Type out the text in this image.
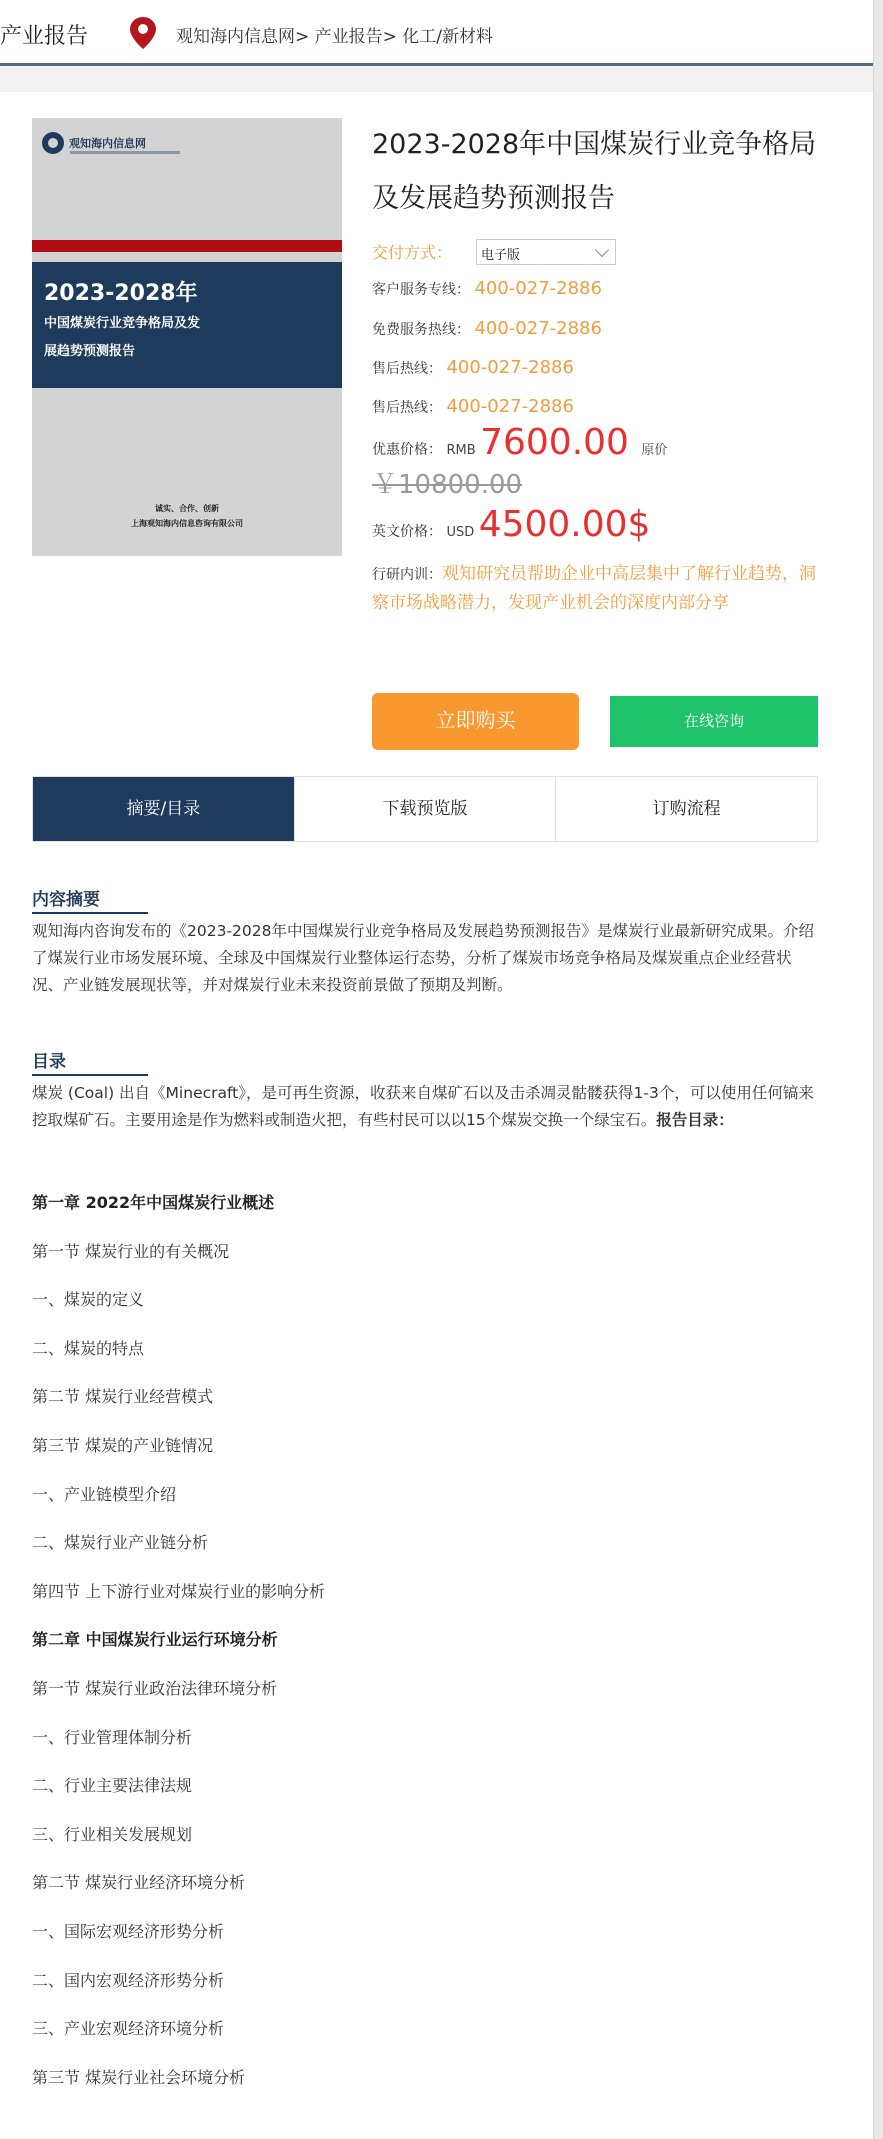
产业报告	观知海内信息网> 产业报告> 化工/新材料
观知海内信息网
2023-2028年
中国煤炭行业竞争格局及发
展趋势预测报告
诚实、合作、创新
上海观知海内信息咨询有限公司
2023-2028年中国煤炭行业竞争格局及发展趋势预测报告
交付方式：	电子版
客户服务专线： 400-027-2886
免费服务热线： 400-027-2886
售后热线： 400-027-2886
售后热线： 400-027-2886
优惠价格： RMB 7600.00 原价
￥10800.00
英文价格： USD 4500.00$
行研内训：观知研究员帮助企业中高层集中了解行业趋势，洞察市场战略潜力，发现产业机会的深度内部分享
立即购买	在线咨询
摘要/目录	下载预览版	订购流程
内容摘要
观知海内咨询发布的《2023-2028年中国煤炭行业竞争格局及发展趋势预测报告》是煤炭行业最新研究成果。介绍了煤炭行业市场发展环境、全球及中国煤炭行业整体运行态势，分析了煤炭市场竞争格局及煤炭重点企业经营状况、产业链发展现状等，并对煤炭行业未来投资前景做了预期及判断。
目录
煤炭 (Coal) 出自《Minecraft》，是可再生资源，收获来自煤矿石以及击杀凋灵骷髅获得1-3个，可以使用任何镐来挖取煤矿石。主要用途是作为燃料或制造火把，有些村民可以以15个煤炭交换一个绿宝石。报告目录：
第一章 2022年中国煤炭行业概述
第一节 煤炭行业的有关概况
一、煤炭的定义
二、煤炭的特点
第二节 煤炭行业经营模式
第三节 煤炭的产业链情况
一、产业链模型介绍
二、煤炭行业产业链分析
第四节 上下游行业对煤炭行业的影响分析
第二章 中国煤炭行业运行环境分析
第一节 煤炭行业政治法律环境分析
一、行业管理体制分析
二、行业主要法律法规
三、行业相关发展规划
第二节 煤炭行业经济环境分析
一、国际宏观经济形势分析
二、国内宏观经济形势分析
三、产业宏观经济环境分析
第三节 煤炭行业社会环境分析
